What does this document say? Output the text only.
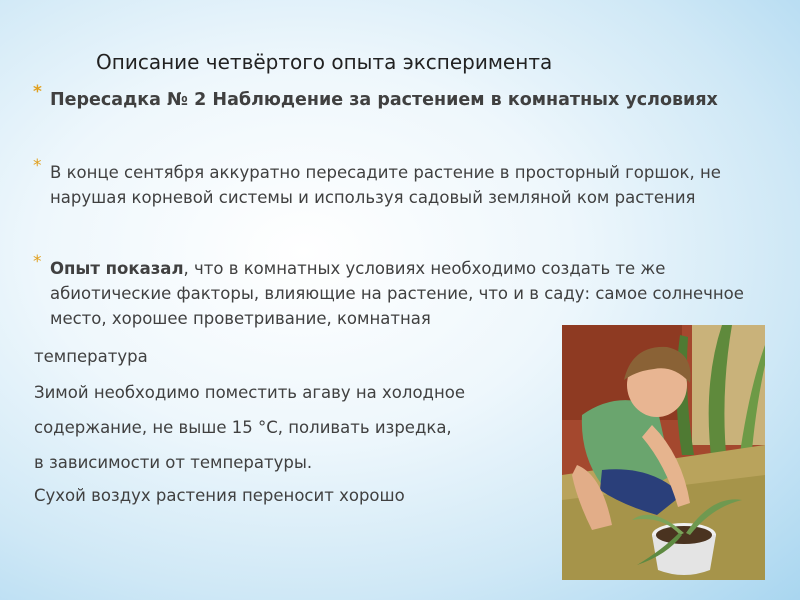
Описание четвёртого опыта эксперимента

* Пересадка № 2 Наблюдение за растением в комнатных условиях

* В конце сентября аккуратно пересадите растение в просторный горшок, не нарушая корневой системы и используя садовый земляной ком растения

* Опыт показал, что в комнатных условиях необходимо создать те же абиотические факторы, влияющие на растение, что и в саду: самое солнечное место, хорошее проветривание, комнатная

температура

Зимой необходимо поместить агаву на холодное

содержание, не выше 15 °С, поливать изредка,

в зависимости от температуры.

Сухой воздух растения переносит хорошо
